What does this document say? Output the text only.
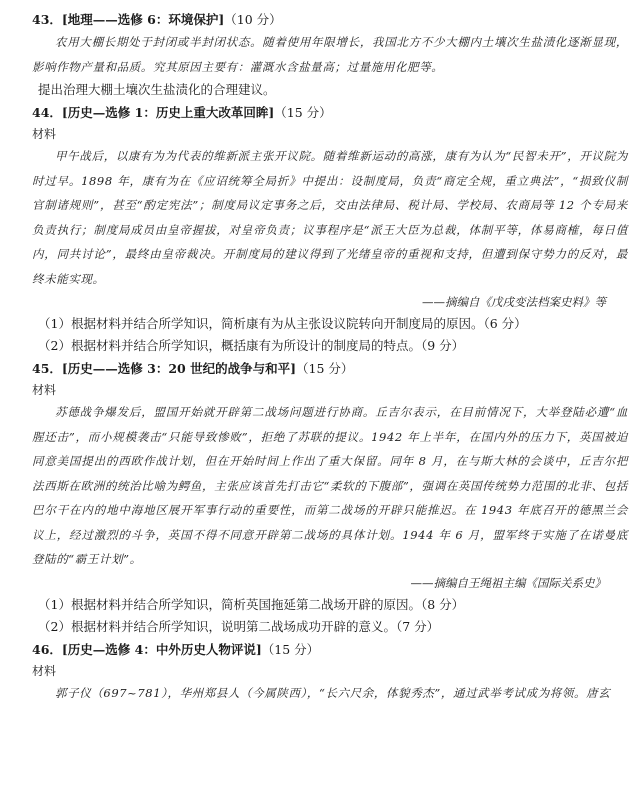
43．[地理——选修 6：环境保护]（10 分）

农用大棚长期处于封闭或半封闭状态。随着使用年限增长，我国北方不少大棚内土壤次生盐渍化逐渐显现，影响作物产量和品质。究其原因主要有：灌溉水含盐量高；过量施用化肥等。

提出治理大棚土壤次生盐渍化的合理建议。
44．[历史—选修 1：历史上重大改革回眸]（15 分）
材料

甲午战后，以康有为为代表的维新派主张开议院。随着维新运动的高涨，康有为认为“民智未开”，开议院为时过早。1898 年，康有为在《应诏统筹全局折》中提出：设制度局，负责“商定全规，重立典法”，“损致仪制官制诸规则”，甚至“酌定宪法”；制度局议定事务之后，交由法律局、税计局、学校局、农商局等 12 个专局来负责执行；制度局成员由皇帝握拔，对皇帝负责；议事程序是“派王大臣为总裁，体制平等，体易商榷，每日值内，同共讨论”，最终由皇帝裁决。开制度局的建议得到了光绪皇帝的重视和支持，但遭到保守势力的反对，最终未能实现。

——摘编自《戊戌变法档案史料》等
（1）根据材料并结合所学知识，简析康有为从主张设议院转向开制度局的原因。（6 分）
（2）根据材料并结合所学知识，概括康有为所设计的制度局的特点。（9 分）
45．[历史——选修 3：20 世纪的战争与和平]（15 分）
材料

苏德战争爆发后，盟国开始就开辟第二战场问题进行协商。丘吉尔表示，在目前情况下，大举登陆必遭“血腥还击”，而小规模袭击“只能导致惨败”，拒绝了苏联的提议。1942 年上半年，在国内外的压力下，英国被迫同意美国提出的西欧作战计划，但在开始时间上作出了重大保留。同年 8 月，在与斯大林的会谈中，丘吉尔把法西斯在欧洲的统治比喻为鳄鱼，主张应该首先打击它“柔软的下腹部”，强调在英国传统势力范围的北非、包括巴尔干在内的地中海地区展开军事行动的重要性，而第二战场的开辟只能推迟。在 1943 年底召开的德黑兰会议上，经过激烈的斗争，英国不得不同意开辟第二战场的具体计划。1944 年 6 月，盟军终于实施了在诺曼底登陆的“霸王计划”。

——摘编自王绳祖主编《国际关系史》
（1）根据材料并结合所学知识，简析英国拖延第二战场开辟的原因。（8 分）
（2）根据材料并结合所学知识，说明第二战场成功开辟的意义。（7 分）
46．[历史—选修 4：中外历史人物评说]（15 分）
材料

郭子仪（697~781），华州郑县人（今属陕西），“长六尺余，体貌秀杰”，通过武举考试成为将领。唐玄
